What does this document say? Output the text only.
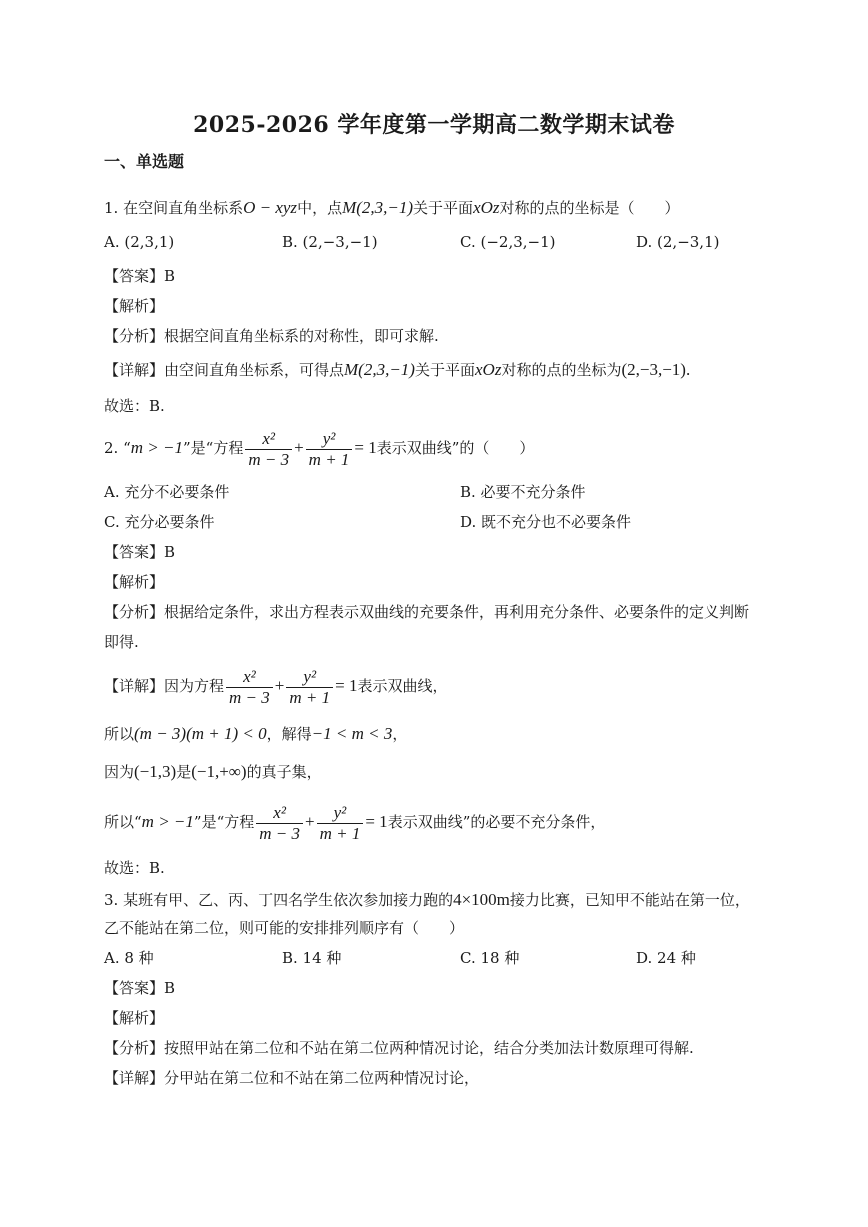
2025-2026 学年度第一学期高二数学期末试卷
一、单选题
1. 在空间直角坐标系O − xyz中，点M(2,3,−1)关于平面xOz对称的点的坐标是（　　）
A. (2,3,1)	B. (2,−3,−1)	C. (−2,3,−1)	D. (2,−3,1)
【答案】B
【解析】
【分析】根据空间直角坐标系的对称性，即可求解.
【详解】由空间直角坐标系，可得点M(2,3,−1)关于平面xOz对称的点的坐标为(2,−3,−1).
故选：B.
2. “m > −1”是“方程 $\frac{\text{x²}}{m - 3} + \frac{\text{y²}}{m + 1} = 1$表示双曲线”的（　　）
A. 充分不必要条件	B. 必要不充分条件
C. 充分必要条件	D. 既不充分也不必要条件
【答案】B
【解析】
【分析】根据给定条件，求出方程表示双曲线的充要条件，再利用充分条件、必要条件的定义判断
即得.
【详解】因为方程 $\frac{\text{x²}}{m - 3} + \frac{\text{y²}}{m + 1} = 1$表示双曲线，
所以(m − 3)(m + 1) < 0，解得−1 < m < 3，
因为(−1,3)是(−1,+∞)的真子集，
所以“m > −1”是“方程 $\frac{\text{x²}}{m - 3} + \frac{\text{y²}}{m + 1} = 1$表示双曲线”的必要不充分条件，
故选：B.
3. 某班有甲、乙、丙、丁四名学生依次参加接力跑的4×100m接力比赛，已知甲不能站在第一位，
乙不能站在第二位，则可能的安排排列顺序有（　　）
A. 8 种	B. 14 种	C. 18 种	D. 24 种
【答案】B
【解析】
【分析】按照甲站在第二位和不站在第二位两种情况讨论，结合分类加法计数原理可得解.
【详解】分甲站在第二位和不站在第二位两种情况讨论，
